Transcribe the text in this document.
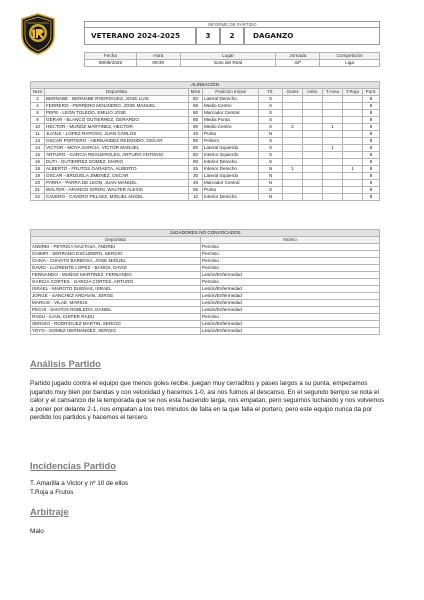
INFORME DE PARTIDO
VETERANO 2024-2025	3	2	DAGANZO
Fecha	Hora	Lugar	Jornada	Competición
08/06/2025	09:30	Soto del Real	32ª	Liga
ALINEACIÓN									
Num	Deportista	Mins	Posición Inicial	Tit.	Goles	Asist.	T.Ama	T.Roja	Punt.
2	BERNABE - BERNABE RODRIGUEZ, JOSE LUIS	80	Lateral Derecho	S					8
4	FERRERO - FERRERO MOLINERO, JOSE MANUEL	85	Medio Centro	S					8
8	PEPE - LEON TOLEDO, EMILIO JOSE	80	Marcador Central	S					8
9	GERAR - BLANCO GUTIERREZ, GERARDO	85	Media Punta	S					8
10	HECTOR - MUÑOZ MARTINEZ, HECTOR	90	Medio Centro	S	2		1		8
11	JUANJI - LOPEZ RAPOSO, JUAN CARLOS	45	Punta	N					8
13	OSCAR PORTERO - HERNANDEZ REDONDO, OSCAR	80	Portero	S					8
14	VICTOR - MOYA GARCIA, VICTOR MANUEL	80	Lateral Izquierdo	S			1		8
15	ARTURO - GARCIA REGUEROLES, ARTURO ANTONIO	80	Interior Izquierdo	S					8
16	DUTI - GUTIERREZ GOMEZ, MARIO	80	Interior Derecho	S					8
18	ALBERTO - FRUTOS GARAETA, ALBERTO	45	Interior Derecho	N	1			1	8
19	OSCAR - BRIZUELA JIMENEZ, OSCAR	30	Lateral Izquierdo	N					8
20	PARRA - PARRA DE LEON, JUAN MANUEL	45	Marcador Central	N					8
21	WALTER - ARANGO GIRON, WALTER ALEXIS	55	Punta	S					8
22	CAVERO - CAVERO PELAEZ, MIGUEL ANGEL	10	Interior Derecho	N					8
JUGADORES NO CONVOCADOS	
Deportista	Motivo
ANDREI - PETRICA NASTASA, ANDREI	Permiso
CHIMPI - SERRANO ESCUDERO, SERGIO	Permiso
CHIVA - CHIVATO BARBOSA, JOSE MIGUEL	Permiso
DAVID - LLORENTE LOPEZ - BAÑOS, DAVID	Permiso
FERNANDO - MUÑOZ MARTINEZ, FERNANDO	Lesión/Enfermedad
GARCIA CORTES - GARCIA CORTES, ARTURO	Permiso
ISRAEL - MAROTO DUEÑAS, ISRAEL	Lesión/Enfermedad
JORGE - SANCHEZ ARDAVIN, JORGE	Lesión/Enfermedad
MARIUS - VILAE, MARIUS	Lesión/Enfermedad
PECHI - SANTOS ROBLEDO, DANIEL	Lesión/Enfermedad
RADU - IUAN, CHIPER RADU	Permiso
SERGIO - RODRIGUEZ MARTIN, SERGIO	Lesión/Enfermedad
YEYO - GOMEZ HERNANDEZ, SERGIO	Lesión/Enfermedad
Análisis Partido
Partido jugado contra el equipo que menos goles recibe, juegan muy cerraditos y pases largos a su punta, empezamos jugando muy bien por bandas y con velocidad y hacemos 1-0, asi nos fuimos al descanso. En el segundo tiempo se nota el calor y el cansancio de la temporada que se nos esta haciendo larga, nos empatan, pero seguimos luchando y nos volvemos a poner por delante 2-1, nos empatan a los tres minutos de falta en la que falla el portero, pero este equipo nunca da por perdido los partidos y hacemos el tercero.
Incidencias Partido
T. Amarilla a Victor y nº 10 de ellos
T.Roja a Frutos
Arbitraje
Malo
